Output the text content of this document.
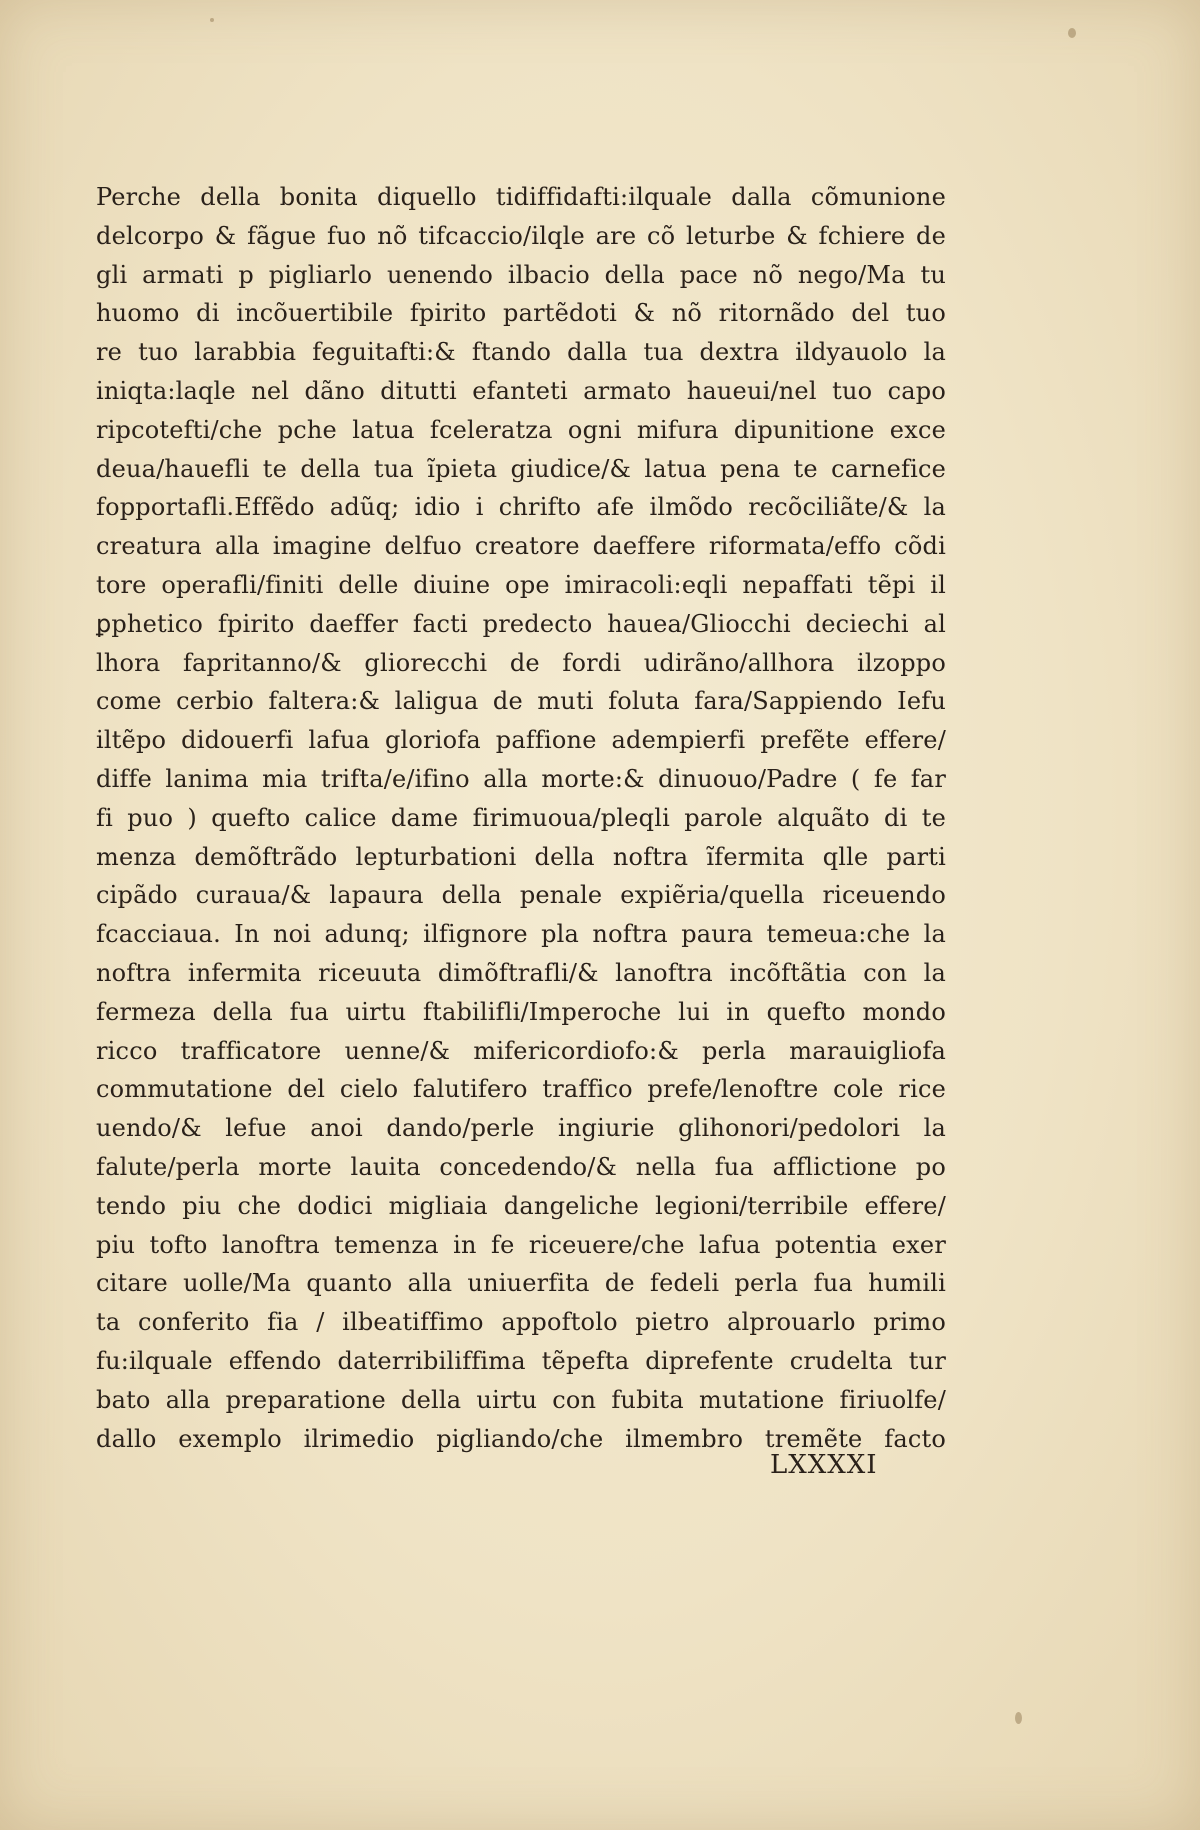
Perche della bonita diquello tidiffidafti:ilquale dalla cõmunione
delcorpo & fãgue fuo nõ tifcaccio/ilqle are cõ leturbe & fchiere de
gli armati p pigliarlo uenendo ilbacio della pace nõ nego/Ma tu
huomo di incõuertibile fpirito partẽdoti & nõ ritornãdo del tuo
re tuo larabbia feguitafti:& ftando dalla tua dextra ildyauolo la
iniqta:laqle nel dãno ditutti efanteti armato haueui/nel tuo capo
ripcotefti/che pche latua fceleratza ogni mifura dipunitione exce
deua/hauefli te della tua ĩpieta giudice/& latua pena te carnefice
fopportafli.Effẽdo adũq; idio i chrifto afe ilmõdo recõciliãte/& la
creatura alla imagine delfuo creatore daeffere riformata/effo cõdi
tore operafli/finiti delle diuine ope imiracoli:eqli nepaffati tẽpi il
ꝑphetico fpirito daeffer facti predecto hauea/Gliocchi deciechi al
lhora fapritanno/& gliorecchi de fordi udirãno/allhora ilzoppo
come cerbio faltera:& laligua de muti foluta fara/Sappiendo Iefu
iltẽpo didouerfi lafua gloriofa paffione adempierfi prefẽte effere/
diffe lanima mia trifta/e/ifino alla morte:& dinuouo/Padre ( fe far
fi puo ) quefto calice dame firimuoua/pleqli parole alquãto di te
menza demõftrãdo lepturbationi della noftra ĩfermita qlle parti
cipãdo curaua/& lapaura della penale expiẽria/quella riceuendo
fcacciaua. In noi adunq; ilfignore pla noftra paura temeua:che la
noftra infermita riceuuta dimõftrafli/& lanoftra incõftãtia con la
fermeza della fua uirtu ftabilifli/Imperoche lui in quefto mondo
ricco trafficatore uenne/& mifericordiofo:& perla marauigliofa
commutatione del cielo falutifero traffico prefe/lenoftre cole rice
uendo/& lefue anoi dando/perle ingiurie glihonori/pedolori la
falute/perla morte lauita concedendo/& nella fua afflictione po
tendo piu che dodici migliaia dangeliche legioni/terribile effere/
piu tofto lanoftra temenza in fe riceuere/che lafua potentia exer
citare uolle/Ma quanto alla uniuerfita de fedeli perla fua humili
ta conferito fia / ilbeatiffimo appoftolo pietro alprouarlo primo
fu:ilquale effendo daterribiliffima tẽpefta diprefente crudelta tur
bato alla preparatione della uirtu con fubita mutatione firiuolfe/
dallo exemplo ilrimedio pigliando/che ilmembro tremẽte facto
LXXXXI
